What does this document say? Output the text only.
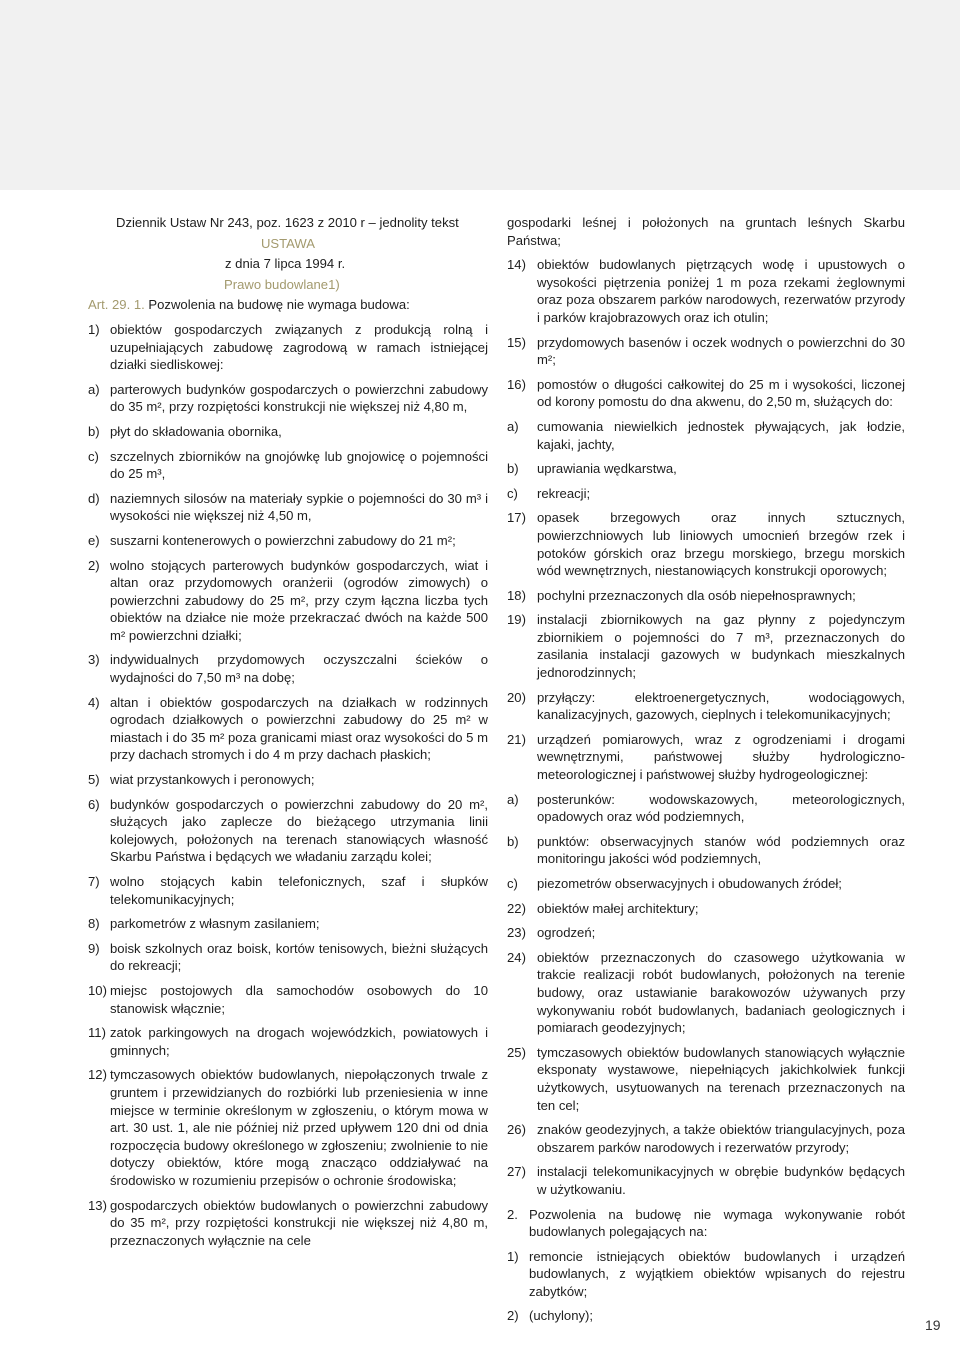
Dziennik Ustaw Nr 243, poz. 1623 z 2010 r – jednolity tekst
USTAWA
z dnia 7 lipca 1994 r.
Prawo budowlane1)
Art. 29. 1. Pozwolenia na budowę nie wymaga budowa:
1) obiektów gospodarczych związanych z produkcją rolną i uzupełniających zabudowę zagrodową w ramach istniejącej działki siedliskowej:
a) parterowych budynków gospodarczych o powierzchni zabudowy do 35 m², przy rozpiętości konstrukcji nie większej niż 4,80 m,
b) płyt do składowania obornika,
c) szczelnych zbiorników na gnojówkę lub gnojowicę o pojemności do 25 m³,
d) naziemnych silosów na materiały sypkie o pojemności do 30 m³ i wysokości nie większej niż 4,50 m,
e) suszarni kontenerowych o powierzchni zabudowy do 21 m²;
2) wolno stojących parterowych budynków gospodarczych, wiat i altan oraz przydomowych oranżerii (ogrodów zimowych) o powierzchni zabudowy do 25 m², przy czym łączna liczba tych obiektów na działce nie może przekraczać dwóch na każde 500 m² powierzchni działki;
3) indywidualnych przydomowych oczyszczalni ścieków o wydajności do 7,50 m³ na dobę;
4) altan i obiektów gospodarczych na działkach w rodzinnych ogrodach działkowych o powierzchni zabudowy do 25 m² w miastach i do 35 m² poza granicami miast oraz wysokości do 5 m przy dachach stromych i do 4 m przy dachach płaskich;
5) wiat przystankowych i peronowych;
6) budynków gospodarczych o powierzchni zabudowy do 20 m², służących jako zaplecze do bieżącego utrzymania linii kolejowych, położonych na terenach stanowiących własność Skarbu Państwa i będących we władaniu zarządu kolei;
7) wolno stojących kabin telefonicznych, szaf i słupków telekomunikacyjnych;
8) parkometrów z własnym zasilaniem;
9) boisk szkolnych oraz boisk, kortów tenisowych, bieżni służących do rekreacji;
10) miejsc postojowych dla samochodów osobowych do 10 stanowisk włącznie;
11) zatok parkingowych na drogach wojewódzkich, powiatowych i gminnych;
12) tymczasowych obiektów budowlanych, niepołączonych trwale z gruntem i przewidzianych do rozbiórki lub przeniesienia w inne miejsce w terminie określonym w zgłoszeniu, o którym mowa w art. 30 ust. 1, ale nie później niż przed upływem 120 dni od dnia rozpoczęcia budowy określonego w zgłoszeniu; zwolnienie to nie dotyczy obiektów, które mogą znacząco oddziaływać na środowisko w rozumieniu przepisów o ochronie środowiska;
13) gospodarczych obiektów budowlanych o powierzchni zabudowy do 35 m², przy rozpiętości konstrukcji nie większej niż 4,80 m, przeznaczonych wyłącznie na cele
gospodarki leśnej i położonych na gruntach leśnych Skarbu Państwa;
14) obiektów budowlanych piętrzących wodę i upustowych o wysokości piętrzenia poniżej 1 m poza rzekami żeglownymi oraz poza obszarem parków narodowych, rezerwatów przyrody i parków krajobrazowych oraz ich otulin;
15) przydomowych basenów i oczek wodnych o powierzchni do 30 m²;
16) pomostów o długości całkowitej do 25 m i wysokości, liczonej od korony pomostu do dna akwenu, do 2,50 m, służących do:
a)	cumowania niewielkich jednostek pływających, jak łodzie, kajaki, jachty,
b)	uprawiania wędkarstwa,
c)	rekreacji;
17) opasek brzegowych oraz innych sztucznych, powierzchniowych lub liniowych umocnień brzegów rzek i potoków górskich oraz brzegu morskiego, brzegu morskich wód wewnętrznych, niestanowiących konstrukcji oporowych;
18) pochylni przeznaczonych dla osób niepełnosprawnych;
19) instalacji zbiornikowych na gaz płynny z pojedynczym zbiornikiem o pojemności do 7 m³, przeznaczonych do zasilania instalacji gazowych w budynkach mieszkalnych jednorodzinnych;
20) przyłączy: elektroenergetycznych, wodociągowych, kanalizacyjnych, gazowych, cieplnych i telekomunikacyjnych;
21) urządzeń pomiarowych, wraz z ogrodzeniami i drogami wewnętrznymi, państwowej służby hydrologiczno-meteorologicznej i państwowej służby hydrogeologicznej:
a)	posterunków: wodowskazowych, meteorologicznych, opadowych oraz wód podziemnych,
b)	punktów: obserwacyjnych stanów wód podziemnych oraz monitoringu jakości wód podziemnych,
c)	piezometrów obserwacyjnych i obudowanych źródeł;
22) obiektów małej architektury;
23) ogrodzeń;
24) obiektów przeznaczonych do czasowego użytkowania w trakcie realizacji robót budowlanych, położonych na terenie budowy, oraz ustawianie barakowozów używanych przy wykonywaniu robót budowlanych, badaniach geologicznych i pomiarach geodezyjnych;
25) tymczasowych obiektów budowlanych stanowiących wyłącznie eksponaty wystawowe, niepełniących jakichkolwiek funkcji użytkowych, usytuowanych na terenach przeznaczonych na ten cel;
26) znaków geodezyjnych, a także obiektów triangulacyjnych, poza obszarem parków narodowych i rezerwatów przyrody;
27) instalacji telekomunikacyjnych w obrębie budynków będących w użytkowaniu.
2. Pozwolenia na budowę nie wymaga wykonywanie robót budowlanych polegających na:
1) remoncie istniejących obiektów budowlanych i urządzeń budowlanych, z wyjątkiem obiektów wpisanych do rejestru zabytków;
2) (uchylony);
19
